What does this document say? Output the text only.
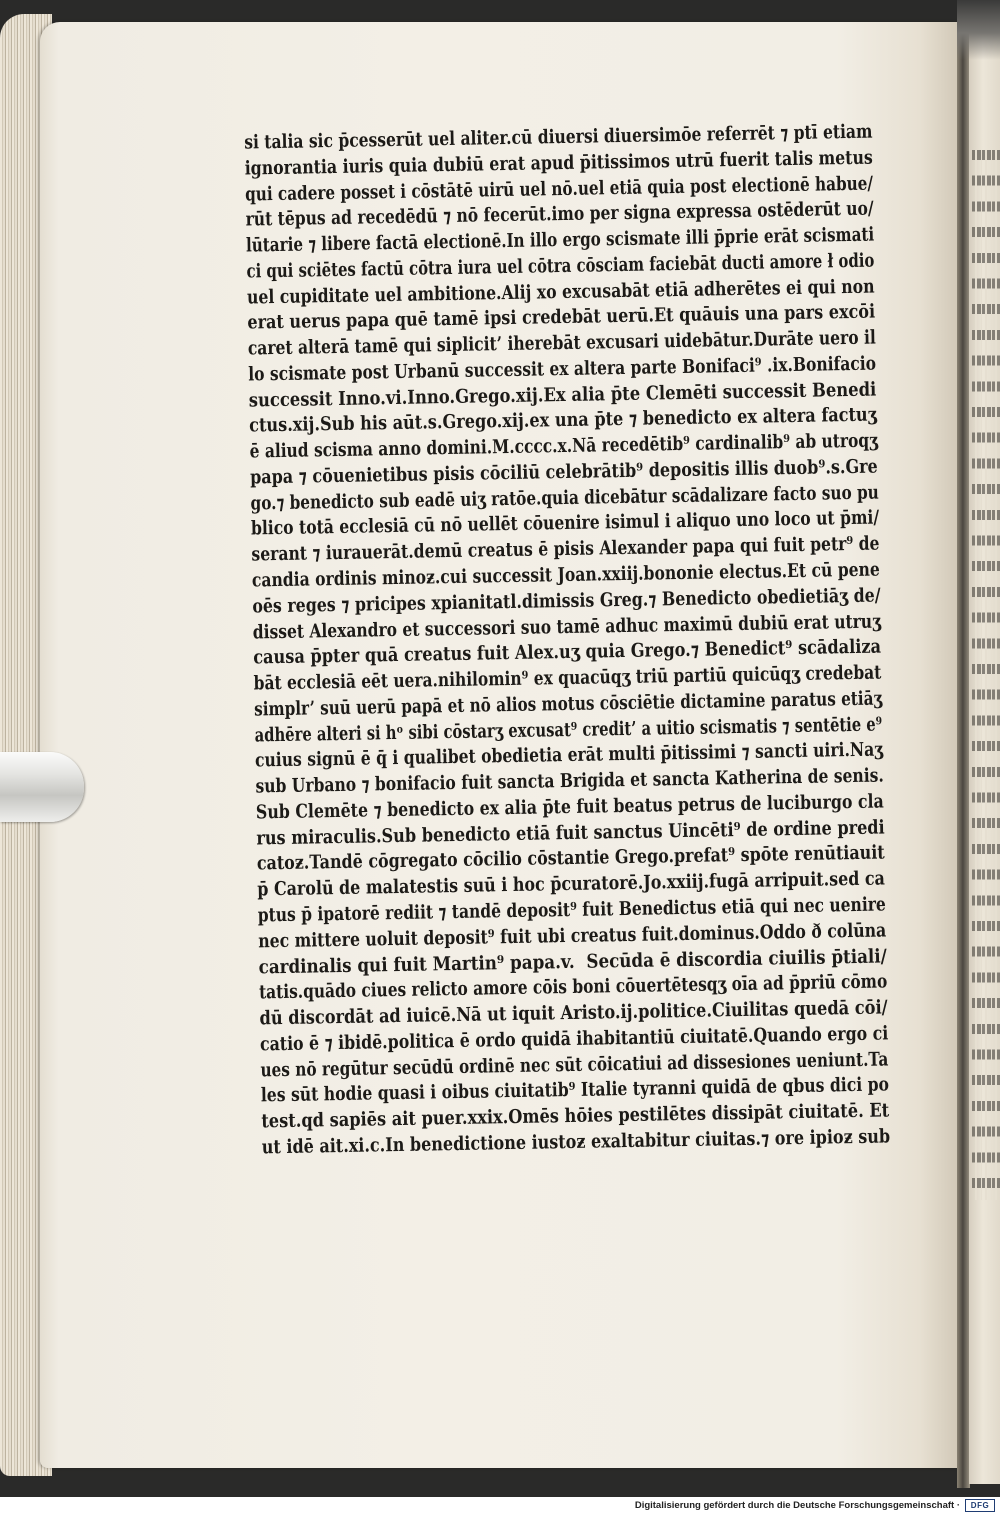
si talia sic p̄cesserūt uel aliter.cū diuersi diuersimōe referrēt ⁊ ptī etiam
ignorantia iuris quia dubiū erat apud p̄itissimos utrū fuerit talis metus
qui cadere posset i cōstātē uirū uel nō.uel etiā quia post electionē habue/
rūt tēpus ad recedēdū ⁊ nō fecerūt.imo per signa expressa ostēderūt uo/
lūtarie ⁊ libere factā electionē.In illo ergo scismate illi p̄prie erāt scismati
ci qui sciētes factū cōtra iura uel cōtra cōsciam faciebāt ducti amore ł odio
uel cupiditate uel ambitione.Alij xo excusabāt etiā adherētes ei qui non
erat uerus papa quē tamē ipsi credebāt uerū.Et quāuis una pars excōi
caret alterā tamē qui siplicit’ iherebāt excusari uidebātur.Durāte uero il
lo scismate post Urbanū successit ex altera parte Bonifaci⁹ .ix.Bonifacio
successit Inno.vi.Inno.Grego.xij.Ex alia p̄te Clemēti successit Benedi
ctus.xij.Sub his aūt.s.Grego.xij.ex una p̄te ⁊ benedicto ex altera factuʒ
ē aliud scisma anno domini.M.cccc.x.Nā recedētib⁹ cardinalib⁹ ab utroqʒ
papa ⁊ cōuenietibus pisis cōciliū celebrātib⁹ depositis illis duob⁹.s.Gre
go.⁊ benedicto sub eadē uiʒ ratōe.quia dicebātur scādalizare facto suo pu
blico totā ecclesiā cū nō uellēt cōuenire isimul i aliquo uno loco ut p̄mi/
serant ⁊ iurauerāt.demū creatus ē pisis Alexander papa qui fuit petr⁹ de
candia ordinis minoƶ.cui successit Joan.xxiij.bononie electus.Et cū pene
oēs reges ⁊ pricipes xpianitatl.dimissis Greg.⁊ Benedicto obedietiāʒ de/
disset Alexandro et successori suo tamē adhuc maximū dubiū erat utruʒ
causa p̄pter quā creatus fuit Alex.uʒ quia Grego.⁊ Benedict⁹ scādaliza
bāt ecclesiā eēt uera.nihilomin⁹ ex quacūqʒ triū partiū quicūqʒ credebat
simplr’ suū uerū papā et nō alios motus cōsciētie dictamine paratus etiāʒ
adhēre alteri si hᵒ sibi cōstarʒ excusat⁹ credit’ a uitio scismatis ⁊ sentētie e⁹
cuius signū ē q̄ i qualibet obedietia erāt multi p̄itissimi ⁊ sancti uiri.Naʒ
sub Urbano ⁊ bonifacio fuit sancta Brigida et sancta Katherina de senis.
Sub Clemēte ⁊ benedicto ex alia p̄te fuit beatus petrus de luciburgo cla
rus miraculis.Sub benedicto etiā fuit sanctus Uincēti⁹ de ordine predi
catoƶ.Tandē cōgregato cōcilio cōstantie Grego.prefat⁹ spōte renūtiauit
p̄ Carolū de malatestis suū i hoc p̄curatorē.Jo.xxiij.fugā arripuit.sed ca
ptus p̄ ipatorē rediit ⁊ tandē deposit⁹ fuit Benedictus etiā qui nec uenire
nec mittere uoluit deposit⁹ fuit ubi creatus fuit.dominus.Oddo ð colūna
cardinalis qui fuit Martin⁹ papa.v.  Secūda ē discordia ciuilis p̄tiali/
tatis.quādo ciues relicto amore cōis boni cōuertētesqʒ oīa ad p̄priū cōmo
dū discordāt ad iuicē.Nā ut iquit Aristo.ij.politice.Ciuilitas quedā cōi/
catio ē ⁊ ibidē.politica ē ordo quidā ihabitantiū ciuitatē.Quando ergo ci
ues nō regūtur secūdū ordinē nec sūt cōicatiui ad dissesiones ueniunt.Ta
les sūt hodie quasi i oibus ciuitatib⁹ Italie tyranni quidā de qbus dici po
test.qd sapiēs ait puer.xxix.Omēs hōies pestilētes dissipāt ciuitatē. Et
ut idē ait.xi.c.In benedictione iustoƶ exaltabitur ciuitas.⁊ ore ipioƶ sub
Digitalisierung gefördert durch die Deutsche Forschungsgemeinschaft ·	DFG
